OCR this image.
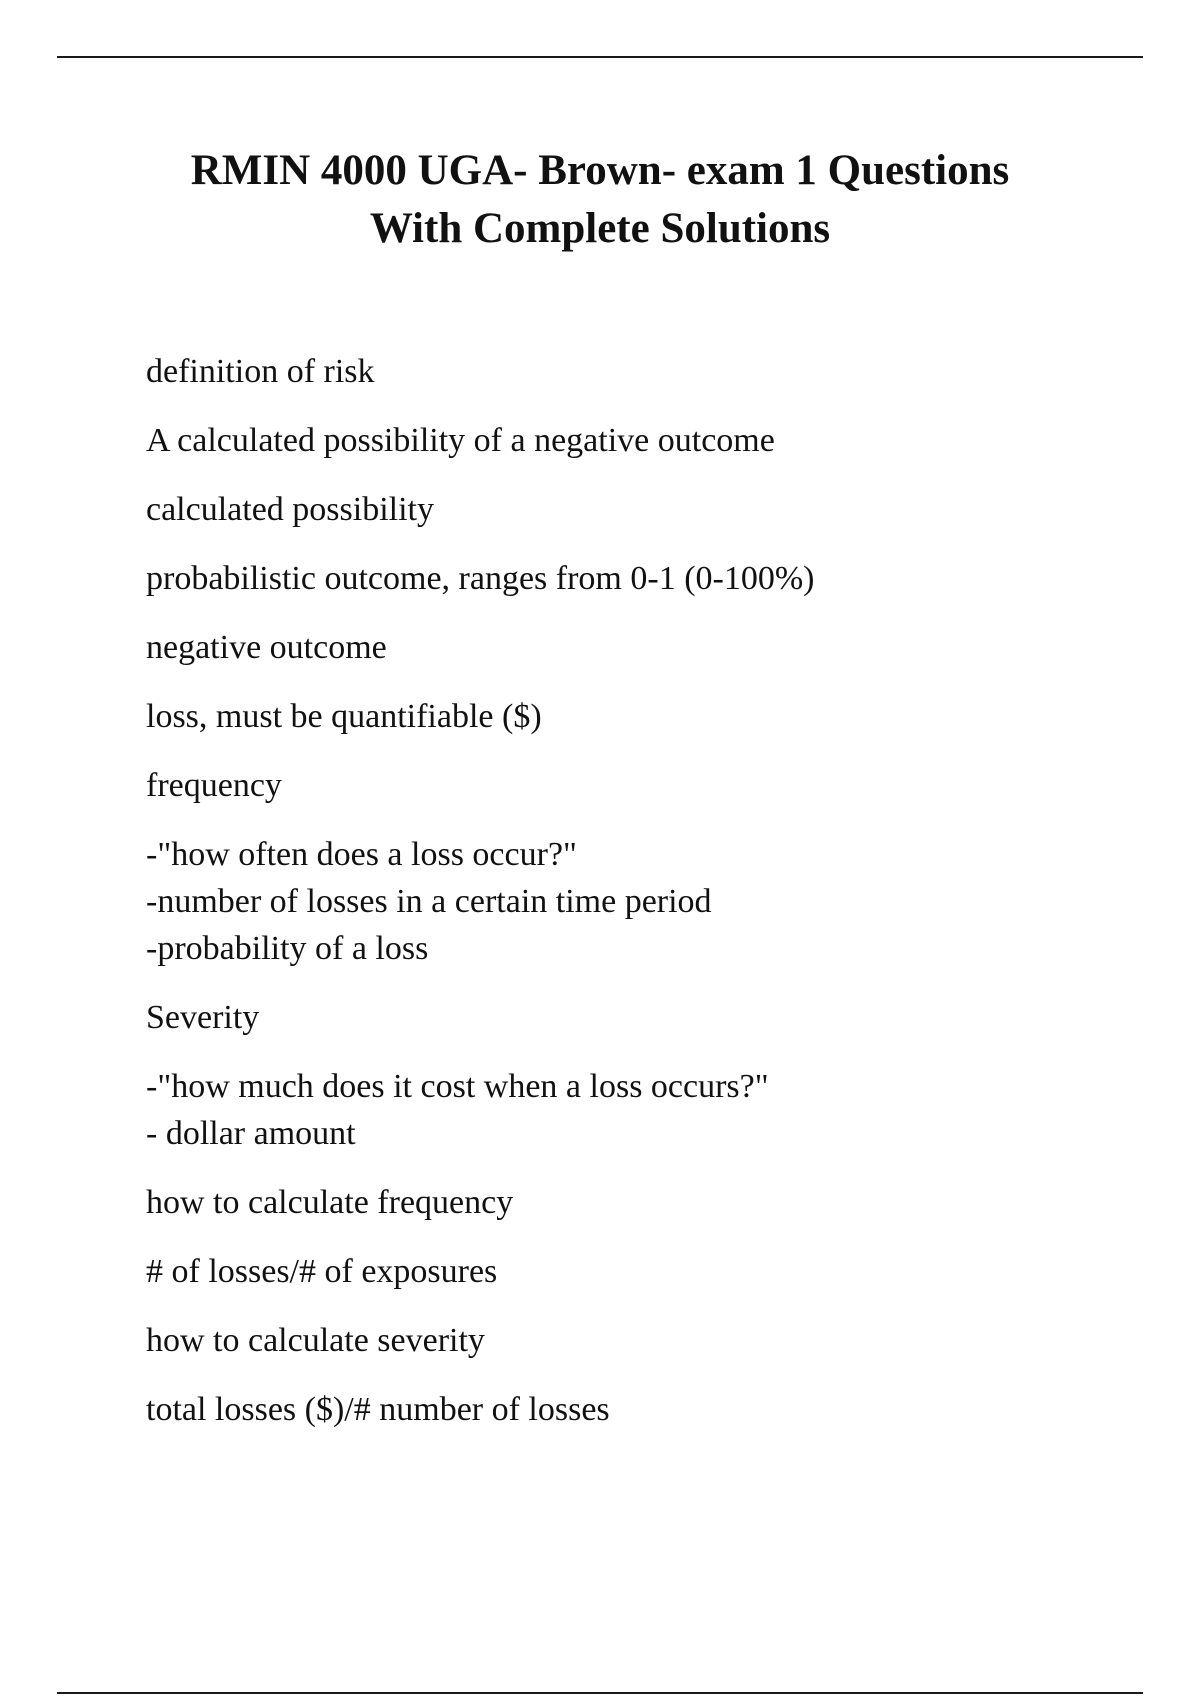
RMIN 4000 UGA- Brown- exam 1 Questions
With Complete Solutions
definition of risk
A calculated possibility of a negative outcome
calculated possibility
probabilistic outcome, ranges from 0-1 (0-100%)
negative outcome
loss, must be quantifiable ($)
frequency
-"how often does a loss occur?"
-number of losses in a certain time period
-probability of a loss
Severity
-"how much does it cost when a loss occurs?"
- dollar amount
how to calculate frequency
# of losses/# of exposures
how to calculate severity
total losses ($)/# number of losses
